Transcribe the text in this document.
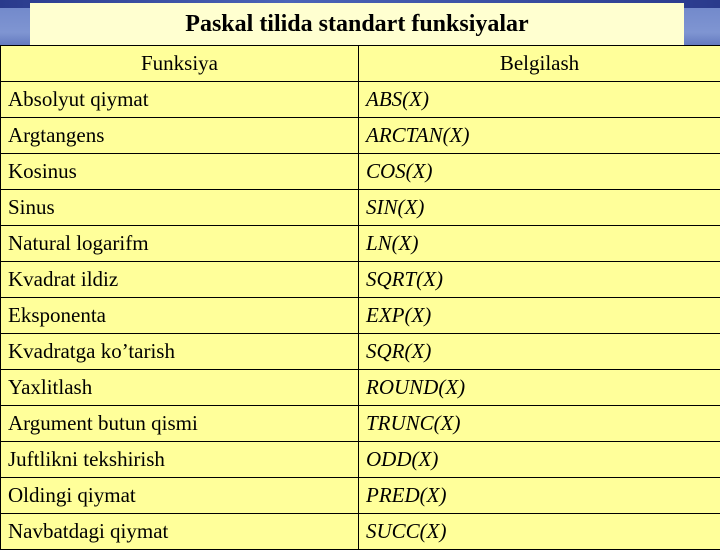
Paskal tilida standart funksiyalar
Funksiya	Belgilash
Absolyut qiymat	ABS(X)
Argtangens	ARCTAN(X)
Kosinus	COS(X)
Sinus	SIN(X)
Natural logarifm	LN(X)
Kvadrat ildiz	SQRT(X)
Eksponenta	EXP(X)
Kvadratga ko’tarish	SQR(X)
Yaxlitlash	ROUND(X)
Argument butun qismi	TRUNC(X)
Juftlikni tekshirish	ODD(X)
Oldingi qiymat	PRED(X)
Navbatdagi qiymat	SUCC(X)
